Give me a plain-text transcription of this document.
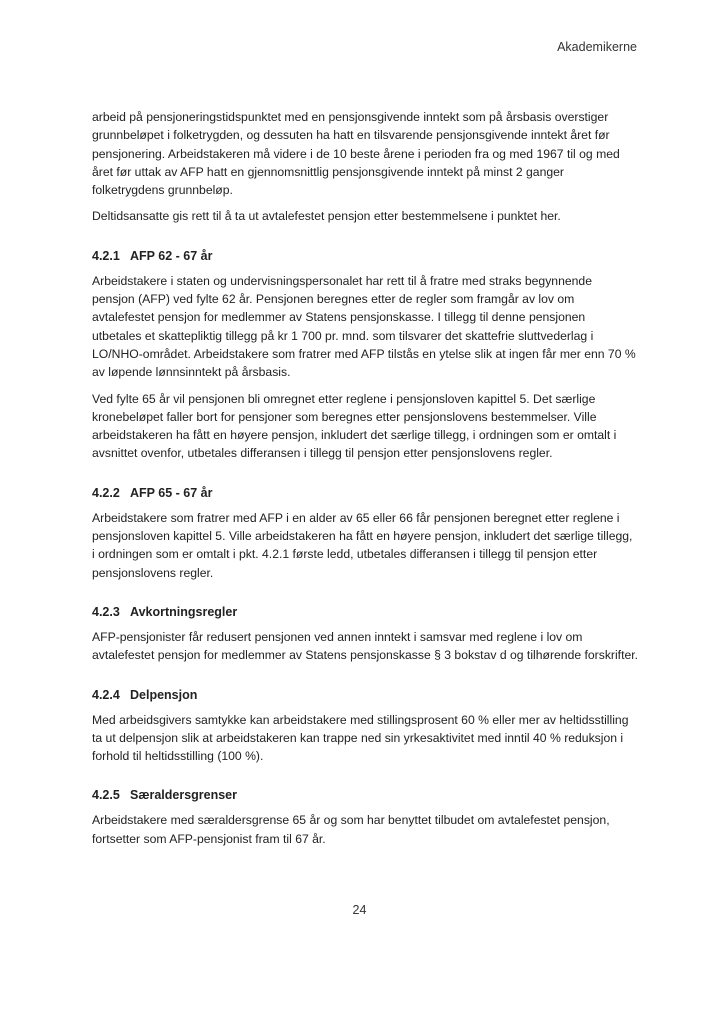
Akademikerne

arbeid på pensjoneringstidspunktet med en pensjonsgivende inntekt som på årsbasis overstiger grunnbeløpet i folketrygden, og dessuten ha hatt en tilsvarende pensjonsgivende inntekt året før pensjonering. Arbeidstakeren må videre i de 10 beste årene i perioden fra og med 1967 til og med året før uttak av AFP hatt en gjennomsnittlig pensjonsgivende inntekt på minst 2 ganger folketrygdens grunnbeløp.

Deltidsansatte gis rett til å ta ut avtalefestet pensjon etter bestemmelsene i punktet her.

4.2.1 AFP 62 - 67 år

Arbeidstakere i staten og undervisningspersonalet har rett til å fratre med straks begynnende pensjon (AFP) ved fylte 62 år. Pensjonen beregnes etter de regler som framgår av lov om avtalefestet pensjon for medlemmer av Statens pensjonskasse. I tillegg til denne pensjonen utbetales et skattepliktig tillegg på kr 1 700 pr. mnd. som tilsvarer det skattefrie sluttvederlag i LO/NHO-området. Arbeidstakere som fratrer med AFP tilstås en ytelse slik at ingen får mer enn 70 % av løpende lønnsinntekt på årsbasis.

Ved fylte 65 år vil pensjonen bli omregnet etter reglene i pensjonsloven kapittel 5. Det særlige kronebeløpet faller bort for pensjoner som beregnes etter pensjonslovens bestemmelser. Ville arbeidstakeren ha fått en høyere pensjon, inkludert det særlige tillegg, i ordningen som er omtalt i avsnittet ovenfor, utbetales differansen i tillegg til pensjon etter pensjonslovens regler.

4.2.2 AFP 65 - 67 år

Arbeidstakere som fratrer med AFP i en alder av 65 eller 66 får pensjonen beregnet etter reglene i pensjonsloven kapittel 5. Ville arbeidstakeren ha fått en høyere pensjon, inkludert det særlige tillegg, i ordningen som er omtalt i pkt. 4.2.1 første ledd, utbetales differansen i tillegg til pensjon etter pensjonslovens regler.

4.2.3 Avkortningsregler

AFP-pensjonister får redusert pensjonen ved annen inntekt i samsvar med reglene i lov om avtalefestet pensjon for medlemmer av Statens pensjonskasse § 3 bokstav d og tilhørende forskrifter.

4.2.4 Delpensjon

Med arbeidsgivers samtykke kan arbeidstakere med stillingsprosent 60 % eller mer av heltidsstilling ta ut delpensjon slik at arbeidstakeren kan trappe ned sin yrkesaktivitet med inntil 40 % reduksjon i forhold til heltidsstilling (100 %).

4.2.5 Særaldersgrenser

Arbeidstakere med særaldersgrense 65 år og som har benyttet tilbudet om avtalefestet pensjon, fortsetter som AFP-pensjonist fram til 67 år.

24
